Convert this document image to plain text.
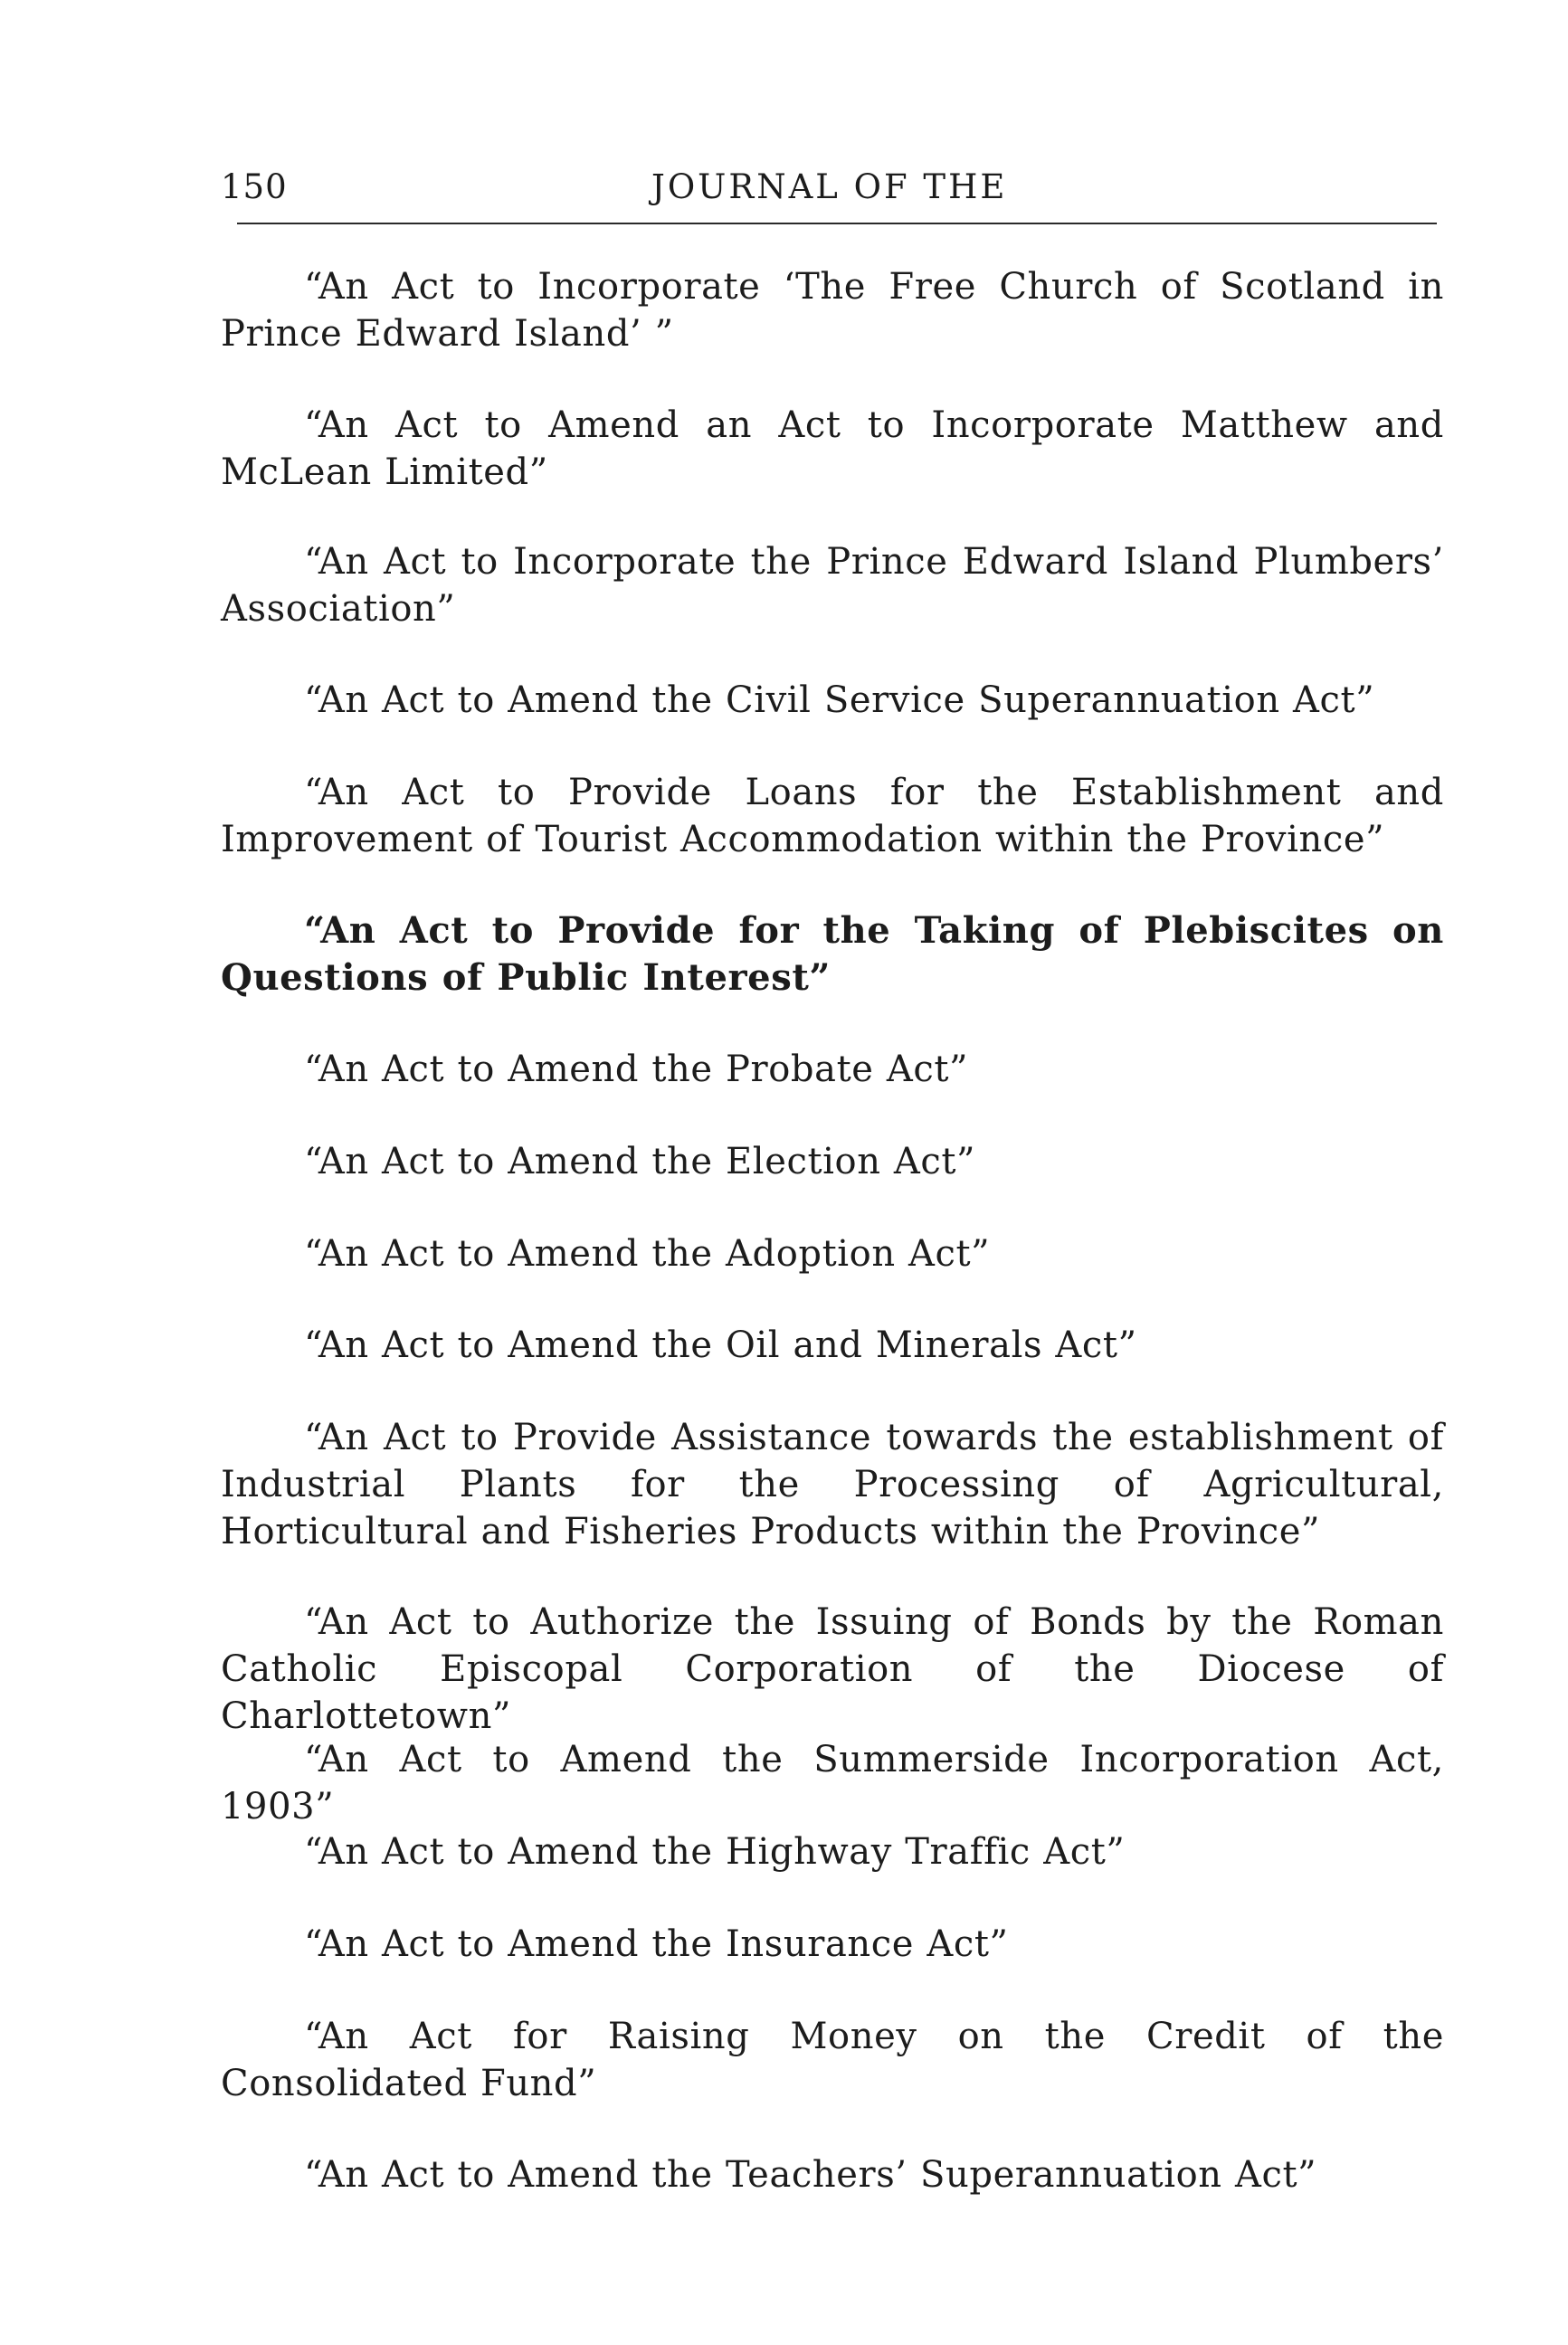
150	JOURNAL OF THE

“An Act to Incorporate ‘The Free Church of Scotland in Prince Edward Island’ ”

“An Act to Amend an Act to Incorporate Matthew and McLean Limited”

“An Act to Incorporate the Prince Edward Island Plumbers’ Association”

“An Act to Amend the Civil Service Superannuation Act”

“An Act to Provide Loans for the Establishment and Improvement of Tourist Accommodation within the Province”

“An Act to Provide for the Taking of Plebiscites on Questions of Public Interest”

“An Act to Amend the Probate Act”

“An Act to Amend the Election Act”

“An Act to Amend the Adoption Act”

“An Act to Amend the Oil and Minerals Act”

“An Act to Provide Assistance towards the establishment of Industrial Plants for the Processing of Agricultural, Horticultural and Fisheries Products within the Province”

“An Act to Authorize the Issuing of Bonds by the Roman Catholic Episcopal Corporation of the Diocese of Charlottetown”

“An Act to Amend the Summerside Incorporation Act, 1903”

“An Act to Amend the Highway Traffic Act”

“An Act to Amend the Insurance Act”

“An Act for Raising Money on the Credit of the Consolidated Fund”

“An Act to Amend the Teachers’ Superannuation Act”
